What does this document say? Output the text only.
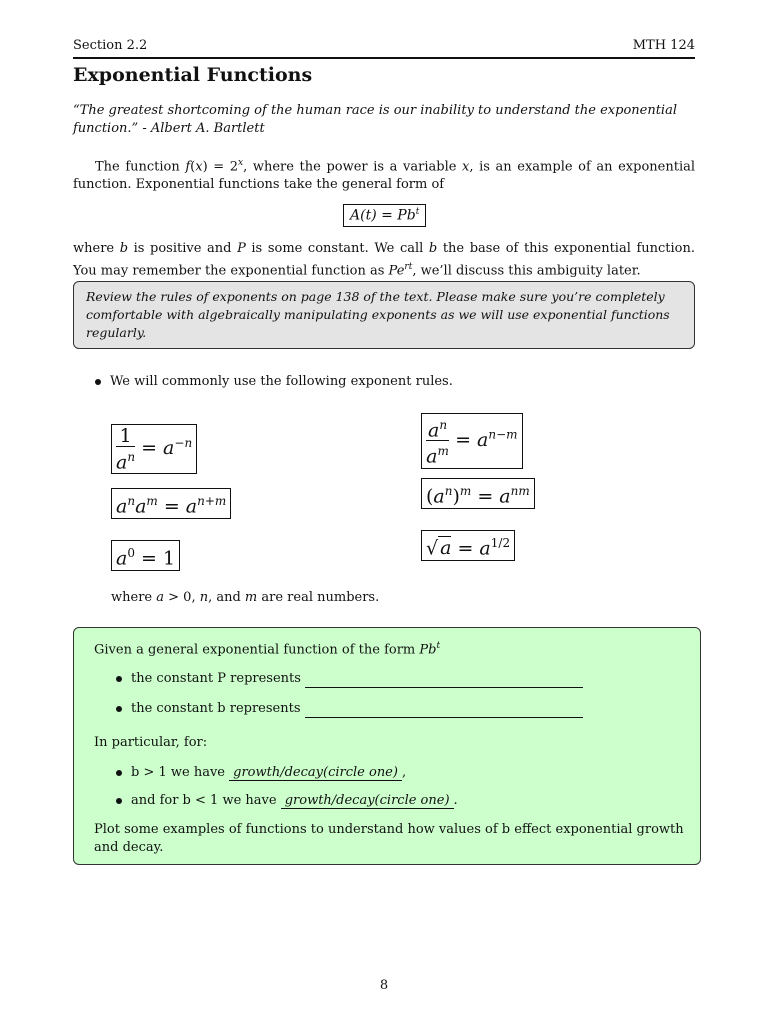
Section 2.2	MTH 124
Exponential Functions
“The greatest shortcoming of the human race is our inability to understand the exponential function.” - Albert A. Bartlett
The function $f(x) = 2^x$, where the power is a variable x, is an example of an exponential function. Exponential functions take the general form of
$A(t) = Pb^t$
where b is positive and P is some constant. We call b the base of this exponential function. You may remember the exponential function as $Pe^{rt}$, we’ll discuss this ambiguity later.
Review the rules of exponents on page 138 of the text. Please make sure you’re completely comfortable with algebraically manipulating exponents as we will use exponential functions regularly.
We will commonly use the following exponent rules.
$\frac{1}{a^n} = a^{-n}$
$a^na^m = a^{n+m}$
$a^0 = 1$
$\frac{a^n}{a^m} = a^{n-m}$
$(a^n)^m = a^{nm}$
√ $a = a^{1/2}$
where a > 0, n, and m are real numbers.
Given a general exponential function of the form Pb$^t$
the constant P represents
the constant b represents
In particular, for:
b > 1 we have growth/decay(circle one) ,
and for b < 1 we have growth/decay(circle one) .
Plot some examples of functions to understand how values of b effect exponential growth and decay.
8
